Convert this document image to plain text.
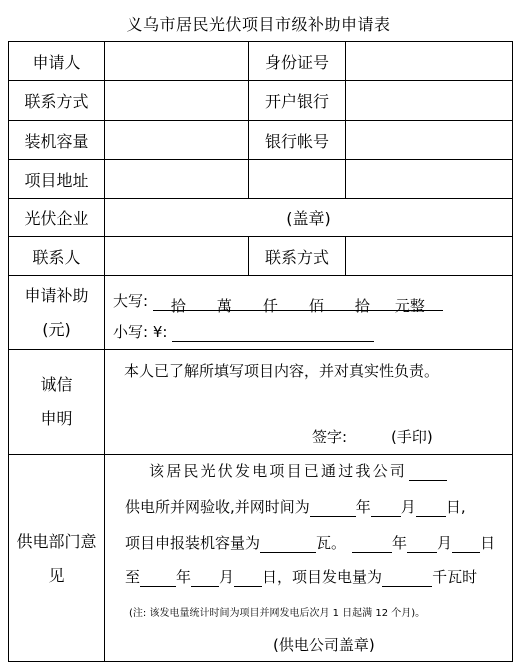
义乌市居民光伏项目市级补助申请表
申请人	身份证号
联系方式	开户银行
装机容量	银行帐号
项目地址
光伏企业	(盖章)
联系人	联系方式
申请补助
(元)
大写: 拾 萬 仟 佰 拾 元整
小写: ¥:
诚信
申明
本人已了解所填写项目内容，并对真实性负责。
签字:	(手印)
供电部门意
见
该居民光伏发电项目已通过我公司
供电所并网验收,并网时间为	年 月 日,
项目申报装机容量为	瓦。	年 月 日
至 年 月 日，项目发电量为	千瓦时
(注: 该发电量统计时间为项目并网发电后次月 1 日起满 12 个月)。
(供电公司盖章)
